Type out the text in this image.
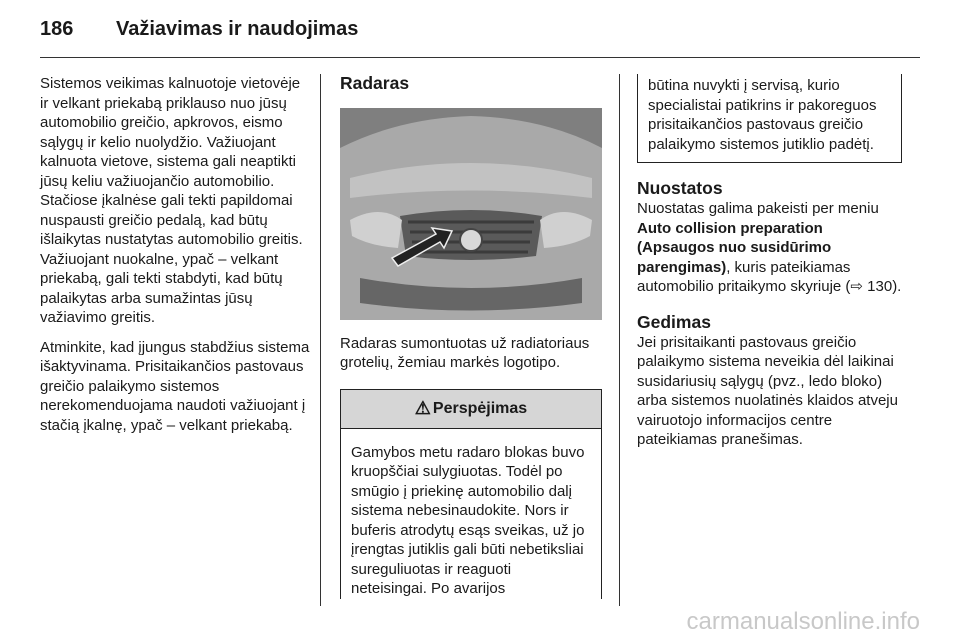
186 Važiavimas ir naudojimas

Sistemos veikimas kalnuotoje vietovėje ir velkant priekabą priklauso nuo jūsų automobilio greičio, apkrovos, eismo sąlygų ir kelio nuolydžio. Važiuojant kalnuota vietove, sistema gali neaptikti jūsų keliu važiuojančio automobilio. Stačiose įkalnėse gali tekti papildomai nuspausti greičio pedalą, kad būtų išlaikytas nustatytas automobilio greitis. Važiuojant nuokalne, ypač – velkant priekabą, gali tekti stabdyti, kad būtų palaikytas arba sumažintas jūsų važiavimo greitis.

Atminkite, kad įjungus stabdžius sistema išaktyvinama. Prisitaikančios pastovaus greičio palaikymo sistemos nerekomenduojama naudoti važiuojant į stačią įkalnę, ypač – velkant priekabą.

Radaras

Radaras sumontuotas už radiatoriaus grotelių, žemiau markės logotipo.

⚠ Perspėjimas
Gamybos metu radaro blokas buvo kruopščiai sulygiuotas. Todėl po smūgio į priekinę automobilio dalį sistema nebesinaudokite. Nors ir buferis atrodytų esąs sveikas, už jo įrengtas jutiklis gali būti nebetiksliai sureguliuotas ir reaguoti neteisingai. Po avarijos
būtina nuvykti į servisą, kurio specialistai patikrins ir pakoreguos prisitaikančios pastovaus greičio palaikymo sistemos jutiklio padėtį.
Nuostatos

Nuostatas galima pakeisti per meniu Auto collision preparation (Apsaugos nuo susidūrimo parengimas), kuris pateikiamas automobilio pritaikymo skyriuje (⇨ 130).

Gedimas

Jei prisitaikanti pastovaus greičio palaikymo sistema neveikia dėl laikinai susidariusių sąlygų (pvz., ledo bloko) arba sistemos nuolatinės klaidos atveju vairuotojo informacijos centre pateikiamas pranešimas.

carmanualsonline.info
